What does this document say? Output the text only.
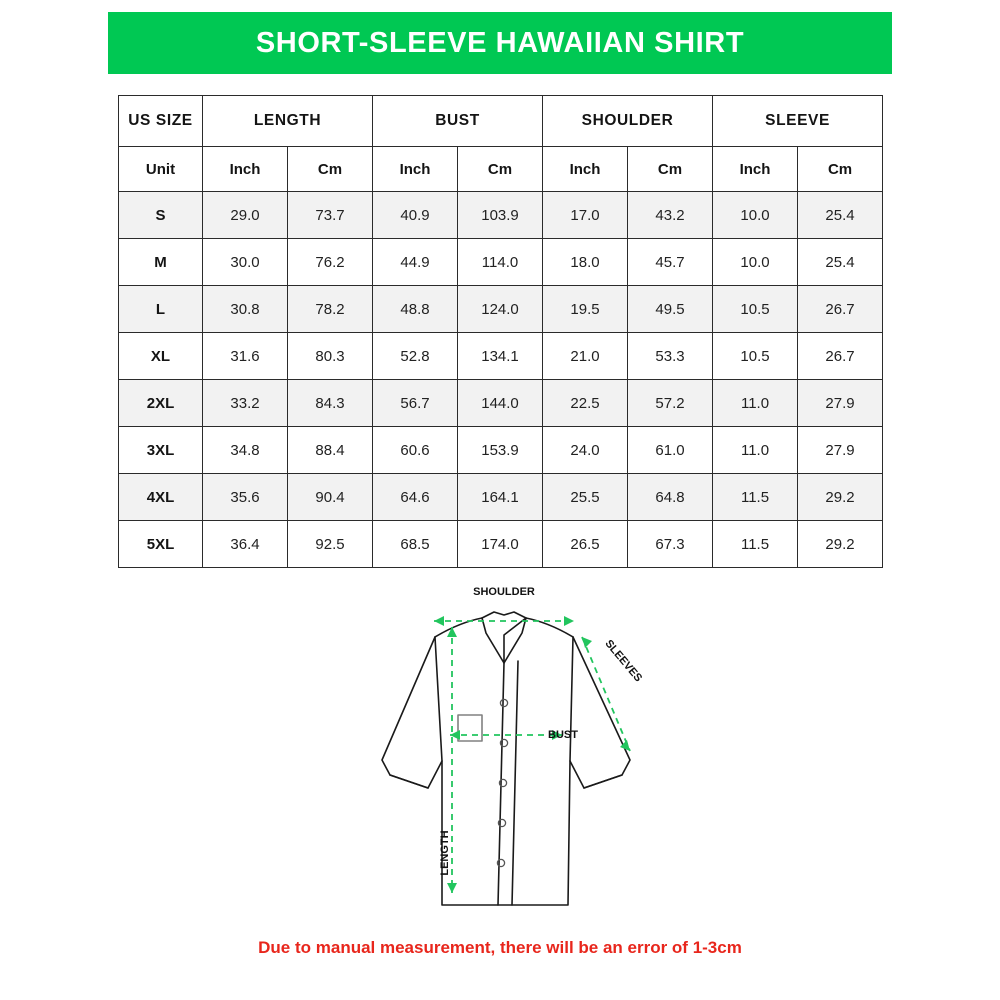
SHORT-SLEEVE HAWAIIAN SHIRT
US SIZE	LENGTH		BUST		SHOULDER		SLEEVE	
Unit	Inch	Cm	Inch	Cm	Inch	Cm	Inch	Cm
S	29.0	73.7	40.9	103.9	17.0	43.2	10.0	25.4
M	30.0	76.2	44.9	114.0	18.0	45.7	10.0	25.4
L	30.8	78.2	48.8	124.0	19.5	49.5	10.5	26.7
XL	31.6	80.3	52.8	134.1	21.0	53.3	10.5	26.7
2XL	33.2	84.3	56.7	144.0	22.5	57.2	11.0	27.9
3XL	34.8	88.4	60.6	153.9	24.0	61.0	11.0	27.9
4XL	35.6	90.4	64.6	164.1	25.5	64.8	11.5	29.2
5XL	36.4	92.5	68.5	174.0	26.5	67.3	11.5	29.2
SHOULDER
SLEEVES
BUST
LENGTH
Due to manual measurement, there will be an error of 1-3cm
